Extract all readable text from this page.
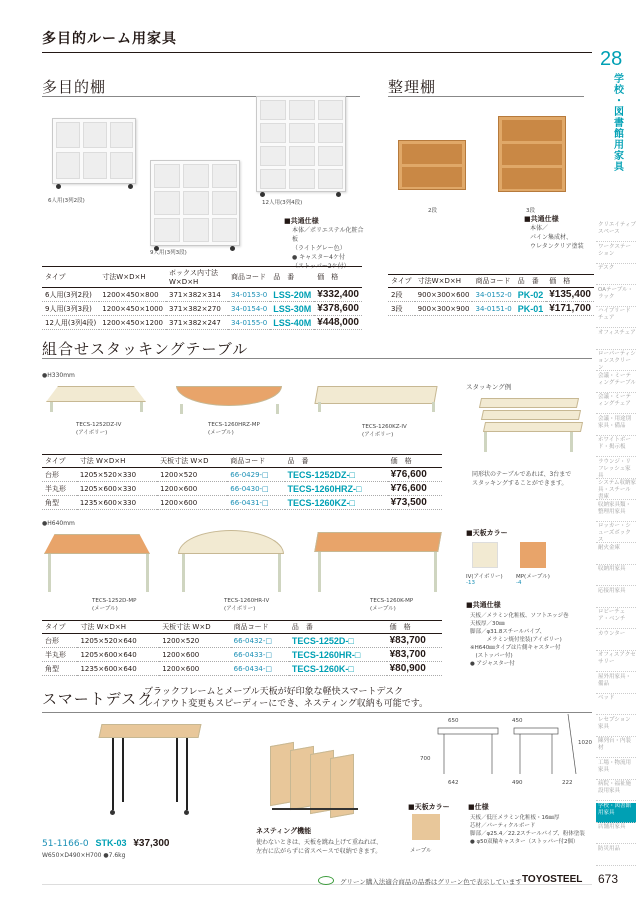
多目的ルーム用家具
28
学
校
・
図
書
館
用
家
具
クリエイティブスペース
ワークステーション
デスク
OAテーブル・ラック
ハイブリードチェア
オフィスチェア
ローパーティションスクリーン
会議・ミーティングテーブル
会議・ミーティングチェア
会議・用途別家具・備品
ホワイトボード・掲示板
ラウンジ・リフレッシュ家具
システム収納家具・スチール書庫
収納家具類・整理用家具
ロッカー・シューズボックス
耐火金庫
収納用家具
応接用家具
ロビーチェア・ベンチ
カウンター
オフィスアクセサリー
屋外用家具・備品
ベッド
レセプション家具
陳列台・内装材
工場・物流用家具
病院・福祉施設用家具
学校・図書館用家具
店舗用家具
防災用品
多目的棚
6人用(3列2段)
9人用(3列3段)
12人用(3列4段)
■共通仕様
本体／ポリエステル化粧合板
（ライトグレー色）
● キャスター4ケ付
（ストッパー2ケ付）
タイプ	寸法W×D×H	ボックス内寸法W×D×H	商品コード	品　番	価　格
6人用(3列2段)	1200×450×800	371×382×314	34-0153-0	LSS-20M	¥332,400
9人用(3列3段)	1200×450×1000	371×382×270	34-0154-0	LSS-30M	¥378,600
12人用(3列4段)	1200×450×1200	371×382×247	34-0155-0	LSS-40M	¥448,000
整理棚
2段	3段
■共通仕様
本体／
パイン集成材、
ウレタンクリア塗装
タイプ	寸法W×D×H	商品コード	品　番	価　格
2段	900×300×600	34-0152-0	PK-02	¥135,400
3段	900×300×900	34-0151-0	PK-01	¥171,700
組合せスタッキングテーブル
●H330mm
TECS-1252DZ-IV
(アイボリー)
TECS-1260HRZ-MP
(メープル)
TECS-1260KZ-IV
(アイボリー)
スタッキング例
同形状のテーブルであれば、3台まで
スタッキングすることができます。
タイプ	寸法 W×D×H	天板寸法 W×D	商品コード	品　番	価　格
台形	1205×520×330	1200×520	66-0429-□	TECS-1252DZ-□	¥76,600
半丸形	1205×600×330	1200×600	66-0430-□	TECS-1260HRZ-□	¥76,600
角型	1235×600×330	1200×600	66-0431-□	TECS-1260KZ-□	¥73,500
●H640mm
TECS-1252D-MP
(メープル)
TECS-1260HR-IV
(アイボリー)
TECS-1260K-MP
(メープル)
タイプ	寸法 W×D×H	天板寸法 W×D	商品コード	品　番	価　格
台形	1205×520×640	1200×520	66-0432-□	TECS-1252D-□	¥83,700
半丸形	1205×600×640	1200×600	66-0433-□	TECS-1260HR-□	¥83,700
角型	1235×600×640	1200×600	66-0434-□	TECS-1260K-□	¥80,900
■天板カラー
IV(アイボリー)
-13
MP(メープル)
-4
■共通仕様
天板／メラミン化粧板、ソフトエッジ巻
天板厚／30㎜
脚部／φ31.8スチールパイプ、
　　　メラミン焼付塗装(アイボリー)
※H640㎜タイプは片側キャスター付
　(ストッパー付)
● アジャスター付
スマートデスク
ブラックフレームとメープル天板が好印象な軽快スマートデスク
レイアウト変更もスピーディーにでき、ネスティング収納も可能です。
51-1166-0 STK-03 ¥37,300
W650×D490×H700 ●7.6kg
ネスティング機能
使わないときは、天板を跳ね上げて重ねれば、
左右に広がらずに省スペースで収納できます。
650	450
700
1020
642	490	222
■天板カラー
メープル
■仕様
天板／低圧メラミン化粧板・16㎜厚
芯材／パーティクルボード
脚部／φ25.4／22.2スチールパイプ、粉体塗装
● φ50双輪キャスター（ストッパー付2個）
グリーン購入法適合商品の品番はグリーン色で表示しています TOYOSTEEL 673
